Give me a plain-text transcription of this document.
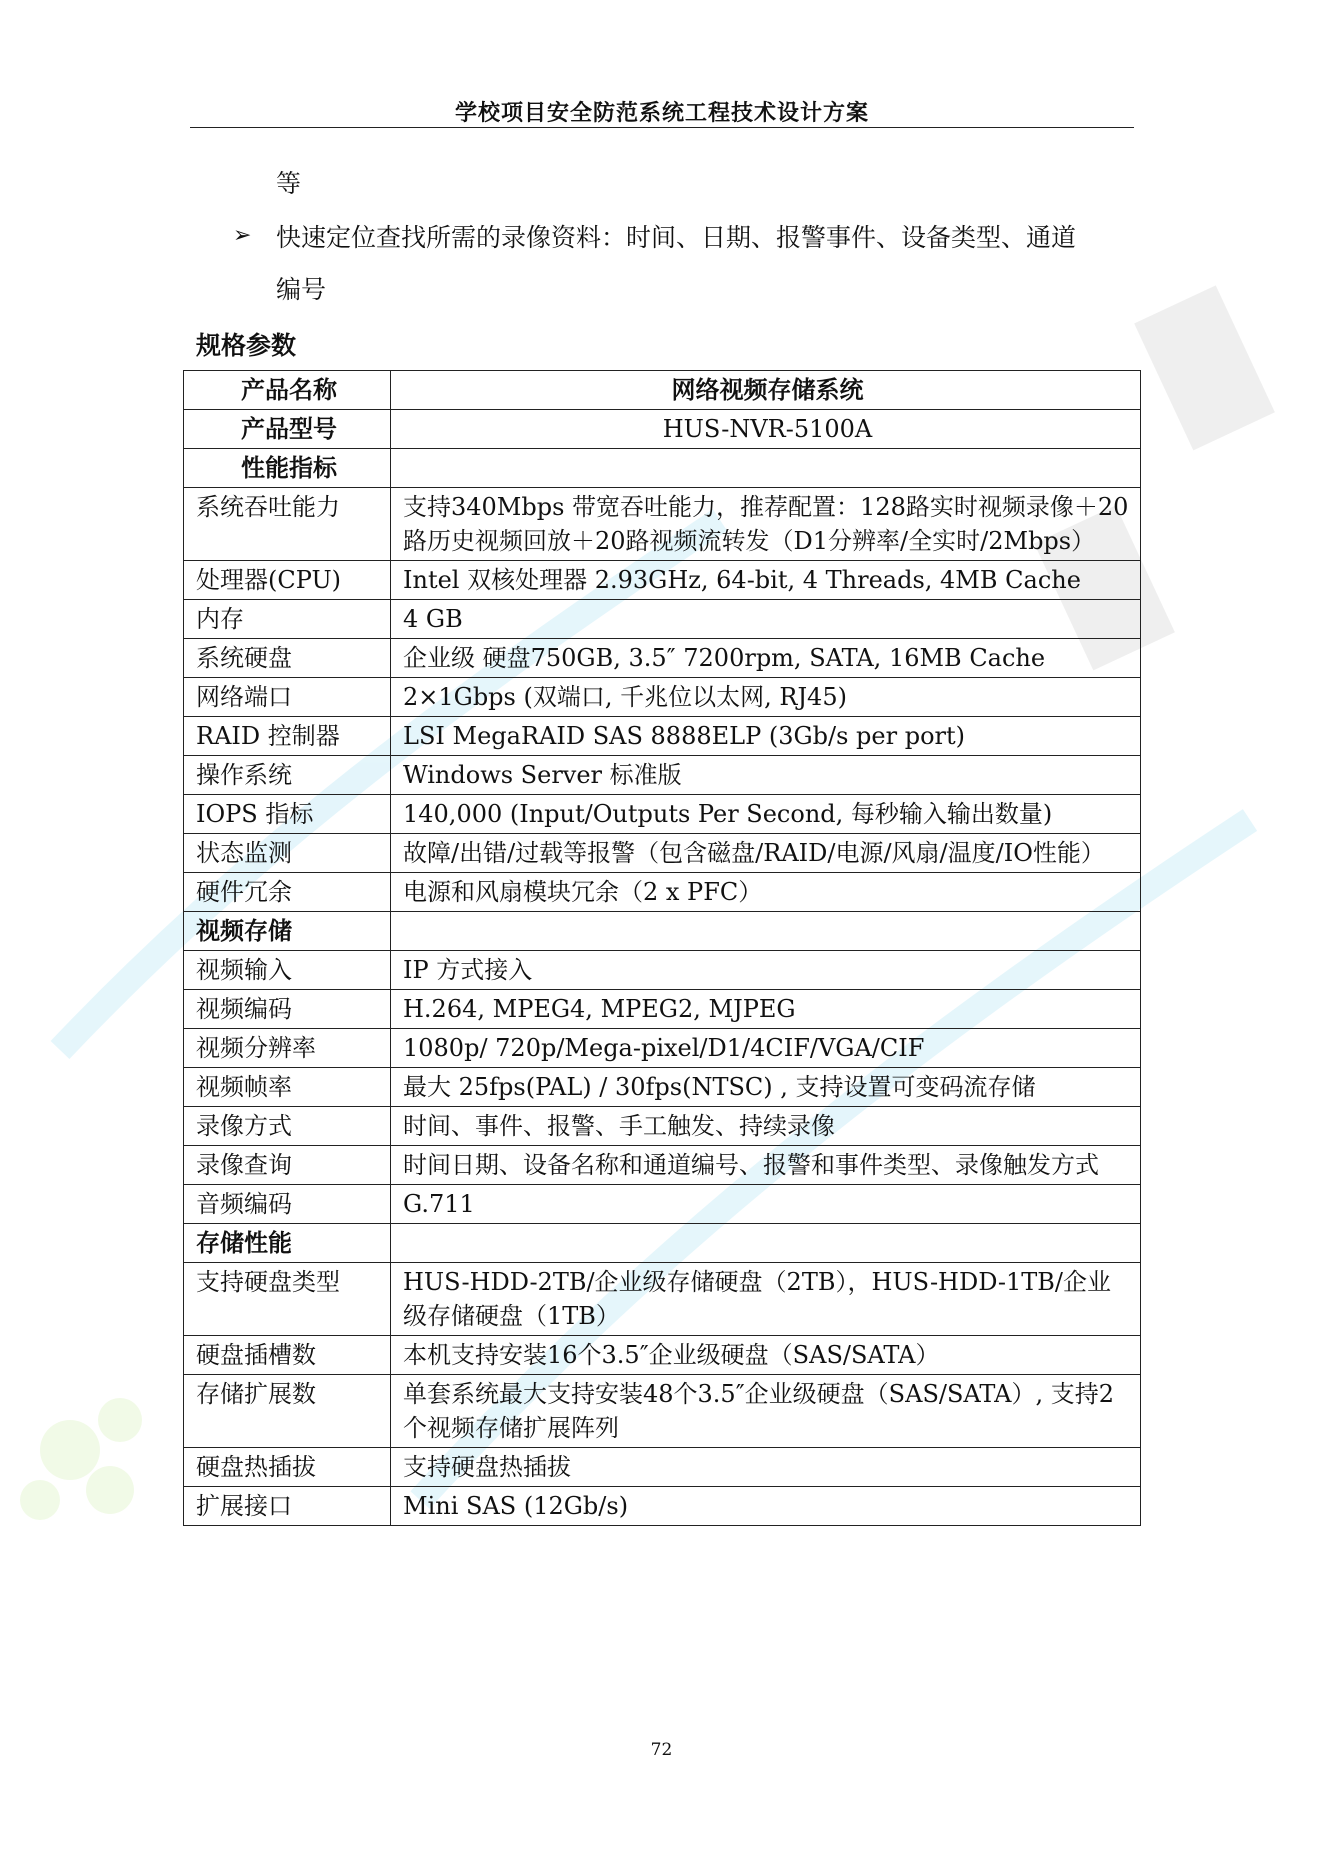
学校项目安全防范系统工程技术设计方案
等
➢ 快速定位查找所需的录像资料：时间、日期、报警事件、设备类型、通道
编号
规格参数
产品名称	网络视频存储系统
产品型号	HUS-NVR-5100A
性能指标	
系统吞吐能力	支持340Mbps 带宽吞吐能力，推荐配置：128路实时视频录像＋20路历史视频回放＋20路视频流转发（D1分辨率/全实时/2Mbps）
处理器(CPU)	Intel 双核处理器 2.93GHz, 64-bit, 4 Threads, 4MB Cache
内存	4 GB
系统硬盘	企业级 硬盘750GB, 3.5″ 7200rpm, SATA, 16MB Cache
网络端口	2×1Gbps (双端口, 千兆位以太网, RJ45)
RAID 控制器	LSI MegaRAID SAS 8888ELP (3Gb/s per port)
操作系统	Windows Server 标准版
IOPS 指标	140,000 (Input/Outputs Per Second, 每秒输入输出数量)
状态监测	故障/出错/过载等报警（包含磁盘/RAID/电源/风扇/温度/IO性能）
硬件冗余	电源和风扇模块冗余（2 x PFC）
视频存储	
视频输入	IP 方式接入
视频编码	H.264, MPEG4, MPEG2, MJPEG
视频分辨率	1080p/ 720p/Mega-pixel/D1/4CIF/VGA/CIF
视频帧率	最大 25fps(PAL) / 30fps(NTSC) , 支持设置可变码流存储
录像方式	时间、事件、报警、手工触发、持续录像
录像查询	时间日期、设备名称和通道编号、报警和事件类型、录像触发方式
音频编码	G.711
存储性能	
支持硬盘类型	HUS-HDD-2TB/企业级存储硬盘（2TB），HUS-HDD-1TB/企业级存储硬盘（1TB）
硬盘插槽数	本机支持安装16个3.5″企业级硬盘（SAS/SATA）
存储扩展数	单套系统最大支持安装48个3.5″企业级硬盘（SAS/SATA）, 支持2个视频存储扩展阵列
硬盘热插拔	支持硬盘热插拔
扩展接口	Mini SAS (12Gb/s)
72
